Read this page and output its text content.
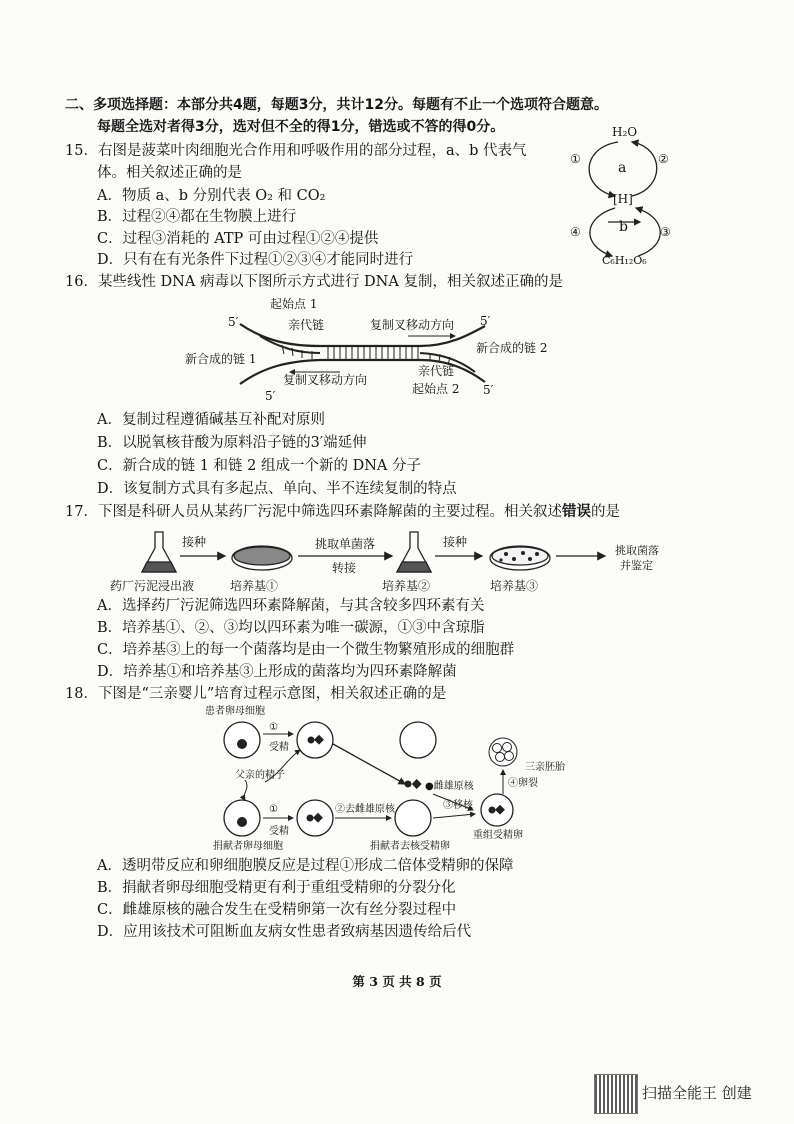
二、多项选择题：本部分共4题，每题3分，共计12分。每题有不止一个选项符合题意。
每题全选对者得3分，选对但不全的得1分，错选或不答的得0分。
15．右图是菠菜叶肉细胞光合作用和呼吸作用的部分过程，a、b 代表气
体。相关叙述正确的是
A．物质 a、b 分别代表 O₂ 和 CO₂
B．过程②④都在生物膜上进行
C．过程③消耗的 ATP 可由过程①②④提供
D．只有在有光条件下过程①②③④才能同时进行
H₂O
①	②
a
[H]
④	③
b
C₆H₁₂O₆
16．某些线性 DNA 病毒以下图所示方式进行 DNA 复制，相关叙述正确的是
起始点 1
5′	亲代链	复制叉移动方向 5′
新合成的链 1
新合成的链 2
复制叉移动方向
亲代链
起始点 2
5′	5′
A．复制过程遵循碱基互补配对原则
B．以脱氧核苷酸为原料沿子链的3′端延伸
C．新合成的链 1 和链 2 组成一个新的 DNA 分子
D．该复制方式具有多起点、单向、半不连续复制的特点
17．下图是科研人员从某药厂污泥中筛选四环素降解菌的主要过程。相关叙述错误的是
接种	挑取单菌落
转接
接种
挑取菌落
并鉴定
药厂污泥浸出液	培养基①	培养基②	培养基③
A．选择药厂污泥筛选四环素降解菌，与其含较多四环素有关
B．培养基①、②、③均以四环素为唯一碳源，①③中含琼脂
C．培养基③上的每一个菌落均是由一个微生物繁殖形成的细胞群
D．培养基①和培养基③上形成的菌落均为四环素降解菌
18．下图是“三亲婴儿”培育过程示意图，相关叙述正确的是
患者卵母细胞
①
受精
父亲的精子
●雌雄原核
三亲胚胎
④卵裂
①
受精
②去雌雄原核	③移核
重组受精卵
捐献者卵母细胞	捐献者去核受精卵
A．透明带反应和卵细胞膜反应是过程①形成二倍体受精卵的保障
B．捐献者卵母细胞受精更有利于重组受精卵的分裂分化
C．雌雄原核的融合发生在受精卵第一次有丝分裂过程中
D．应用该技术可阻断血友病女性患者致病基因遗传给后代
第 3 页 共 8 页
扫描全能王 创建
